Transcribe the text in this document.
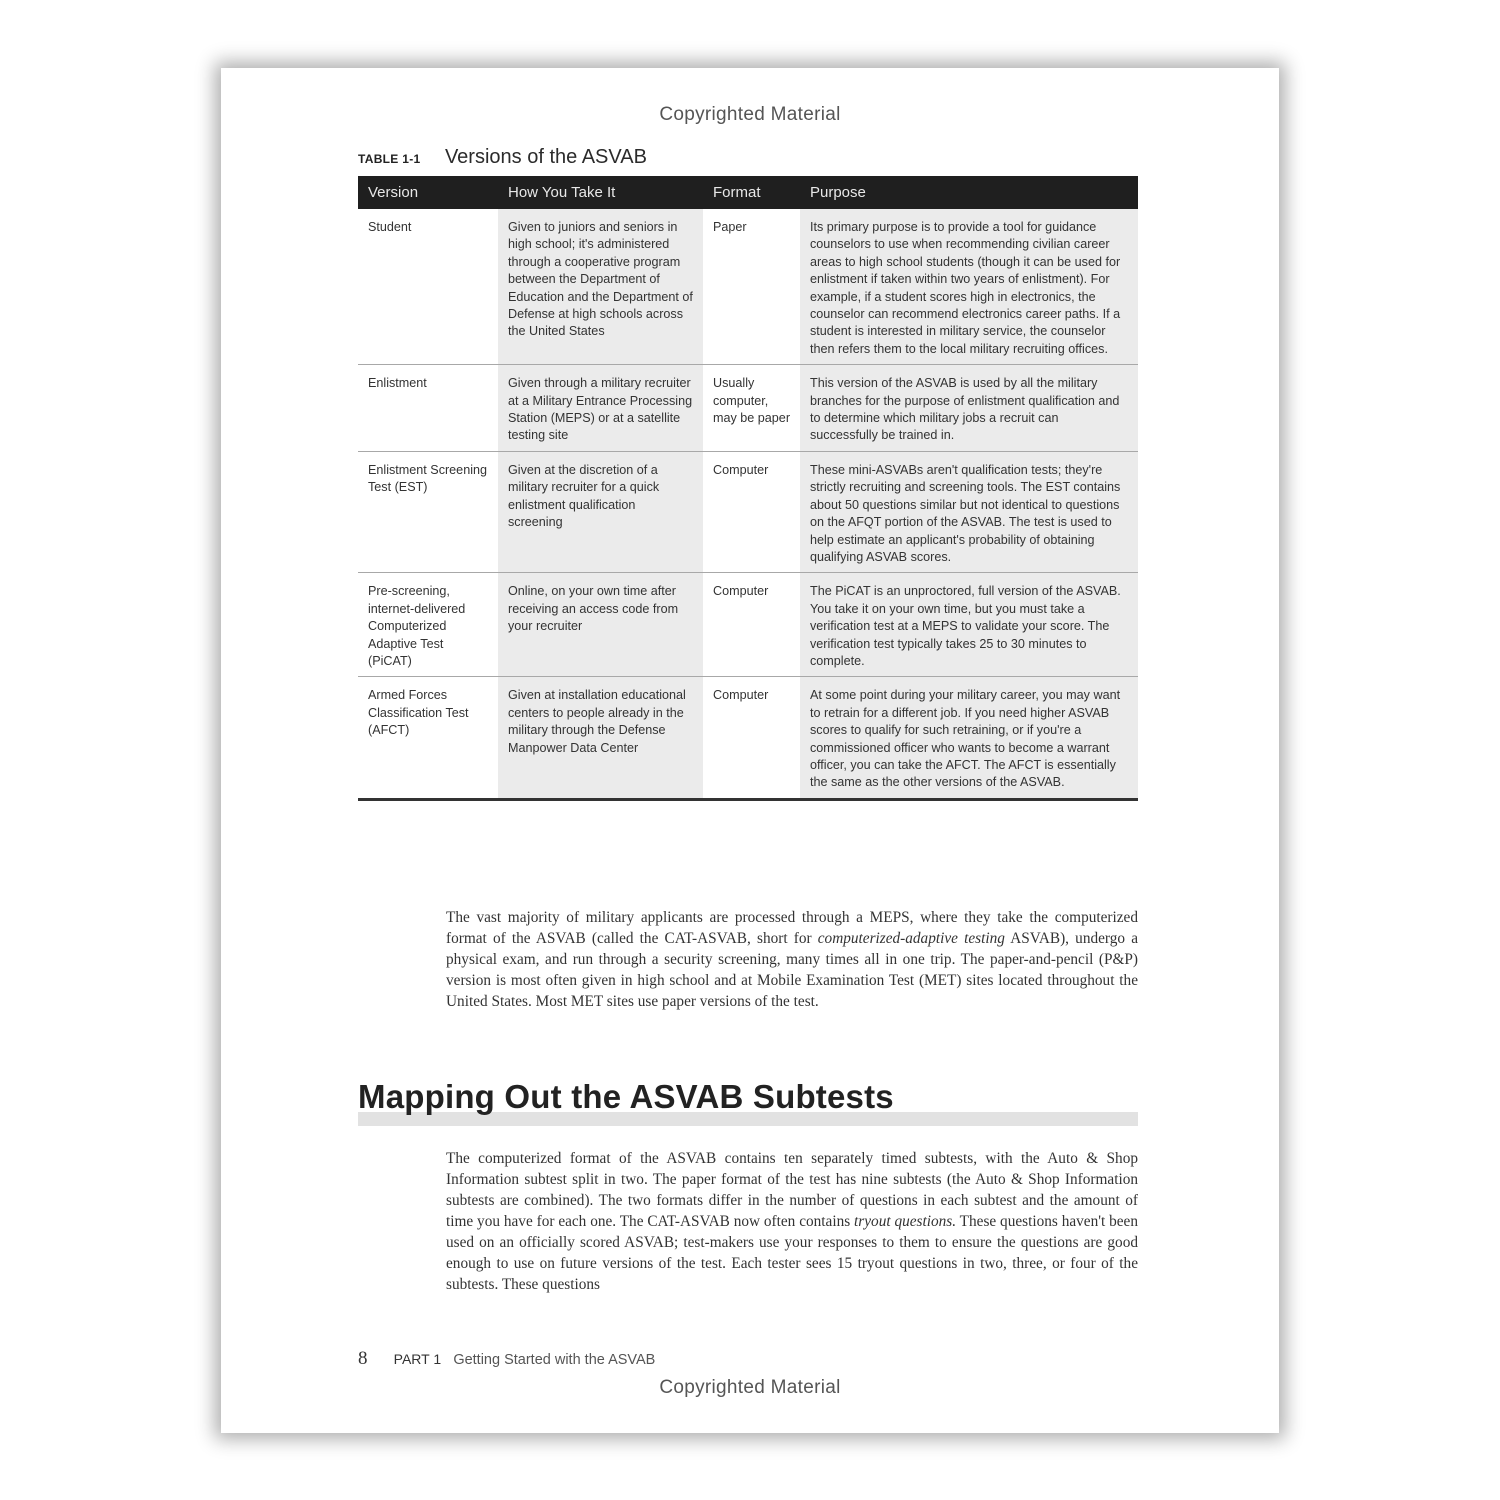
Copyrighted Material
TABLE 1-1 Versions of the ASVAB
Version	How You Take It	Format	Purpose
Student	Given to juniors and seniors in high school; it's administered through a cooperative program between the Department of Education and the Department of Defense at high schools across the United States	Paper	Its primary purpose is to provide a tool for guidance counselors to use when recommending civilian career areas to high school students (though it can be used for enlistment if taken within two years of enlistment). For example, if a student scores high in electronics, the counselor can recommend electronics career paths. If a student is interested in military service, the counselor then refers them to the local military recruiting offices.
Enlistment	Given through a military recruiter at a Military Entrance Processing Station (MEPS) or at a satellite testing site	Usually computer, may be paper	This version of the ASVAB is used by all the military branches for the purpose of enlistment qualification and to determine which military jobs a recruit can successfully be trained in.
Enlistment Screening Test (EST)	Given at the discretion of a military recruiter for a quick enlistment qualification screening	Computer	These mini-ASVABs aren't qualification tests; they're strictly recruiting and screening tools. The EST contains about 50 questions similar but not identical to questions on the AFQT portion of the ASVAB. The test is used to help estimate an applicant's probability of obtaining qualifying ASVAB scores.
Pre-screening, internet-delivered Computerized Adaptive Test (PiCAT)	Online, on your own time after receiving an access code from your recruiter	Computer	The PiCAT is an unproctored, full version of the ASVAB. You take it on your own time, but you must take a verification test at a MEPS to validate your score. The verification test typically takes 25 to 30 minutes to complete.
Armed Forces Classification Test (AFCT)	Given at installation educational centers to people already in the military through the Defense Manpower Data Center	Computer	At some point during your military career, you may want to retrain for a different job. If you need higher ASVAB scores to qualify for such retraining, or if you're a commissioned officer who wants to become a warrant officer, you can take the AFCT. The AFCT is essentially the same as the other versions of the ASVAB.

The vast majority of military applicants are processed through a MEPS, where they take the computerized format of the ASVAB (called the CAT-ASVAB, short for computerized-adaptive testing ASVAB), undergo a physical exam, and run through a security screening, many times all in one trip. The paper-and-pencil (P&P) version is most often given in high school and at Mobile Examination Test (MET) sites located throughout the United States. Most MET sites use paper versions of the test.

Mapping Out the ASVAB Subtests

The computerized format of the ASVAB contains ten separately timed subtests, with the Auto & Shop Information subtest split in two. The paper format of the test has nine subtests (the Auto & Shop Information subtests are combined). The two formats differ in the number of questions in each subtest and the amount of time you have for each one. The CAT-ASVAB now often contains tryout questions. These questions haven't been used on an officially scored ASVAB; test-makers use your responses to them to ensure the questions are good enough to use on future versions of the test. Each tester sees 15 tryout questions in two, three, or four of the subtests. These questions

8 PART 1 Getting Started with the ASVAB
Copyrighted Material
